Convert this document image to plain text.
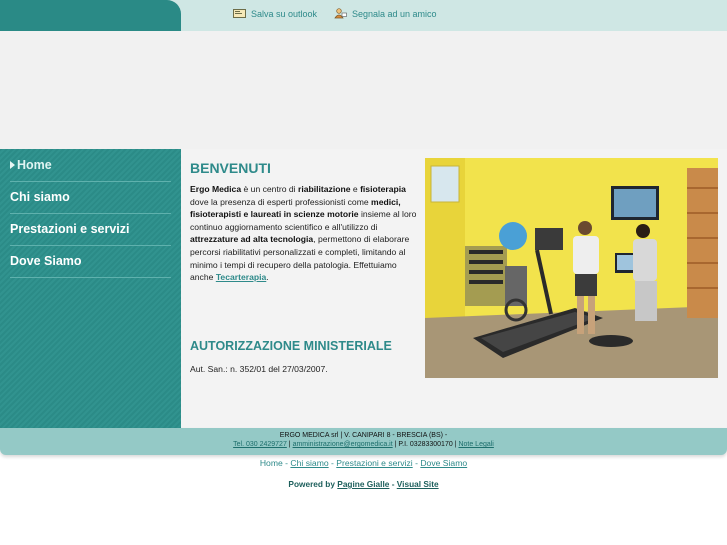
Salva su outlook	Segnala ad un amico
Home
Chi siamo
Prestazioni e servizi
Dove Siamo
BENVENUTI

Ergo Medica è un centro di riabilitazione e fisioterapia dove la presenza di esperti professionisti come medici, fisioterapisti e laureati in scienze motorie insieme al loro continuo aggiornamento scientifico e all'utilizzo di attrezzature ad alta tecnologia, permettono di elaborare percorsi riabilitativi personalizzati e completi, limitando al minimo i tempi di recupero della patologia. Effettuiamo anche Tecarterapia.

AUTORIZZAZIONE MINISTERIALE

Aut. San.: n. 352/01 del 27/03/2007.

ERGO MEDICA srl | V. CANIPARI 8 - BRESCIA (BS) -
Tel. 030 2429727 | amministrazione@ergomedica.it | P.I. 03283300170 | Note Legali
Home - Chi siamo - Prestazioni e servizi - Dove Siamo
Powered by Pagine Gialle - Visual Site
